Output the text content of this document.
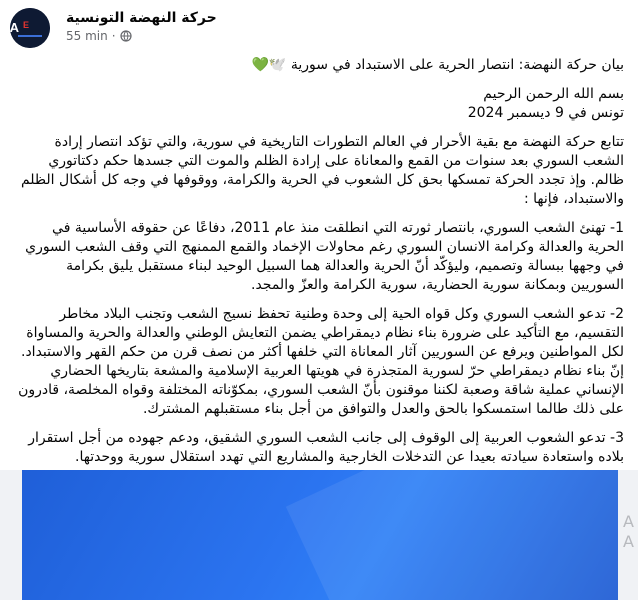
A E	حركة النهضة التونسية
55 min ·

بيان حركة النهضة: انتصار الحرية على الاستبداد في سورية 🕊️💚

بسم الله الرحمن الرحيم

تونس في 9 ديسمبر 2024

تتابع حركة النهضة مع بقية الأحرار في العالم التطورات التاريخية في سورية، والتي تؤكد انتصار إرادة الشعب السوري بعد سنوات من القمع والمعاناة على إرادة الظلم والموت التي جسدها حكم دكتاتوري ظالم. وإذ تجدد الحركة تمسكها بحق كل الشعوب في الحرية والكرامة، ووقوفها في وجه كل أشكال الظلم والاستبداد، فإنها :

1- تهنئ الشعب السوري، بانتصار ثورته التي انطلقت منذ عام 2011، دفاعًا عن حقوقه الأساسية في الحرية والعدالة وكرامة الانسان السوري رغم محاولات الإخماد والقمع الممنهج التي وقف الشعب السوري في وجهها ببسالة وتصميم، وليؤكّد أنّ الحرية والعدالة هما السبيل الوحيد لبناء مستقبل يليق بكرامة السوريين وبمكانة سورية الحضارية، سورية الكرامة والعزّ والمجد.

2- تدعو الشعب السوري وكل قواه الحية إلى وحدة وطنية تحفظ نسيج الشعب وتجنب البلاد مخاطر التقسيم، مع التأكيد على ضرورة بناء نظام ديمقراطي يضمن التعايش الوطني والعدالة والحرية والمساواة لكل المواطنين ويرفع عن السوريين آثار المعاناة التي خلفها أكثر من نصف قرن من حكم القهر والاستبداد. إنّ بناء نظام ديمقراطي حرّ لسورية المتجذرة في هويتها العربية الإسلامية والمشعة بتاريخها الحضاري الإنساني عملية شاقة وصعبة لكننا موقنون بأنّ الشعب السوري، بمكوّناته المختلفة وقواه المخلصة، قادرون على ذلك طالما استمسكوا بالحق والعدل والتوافق من أجل بناء مستقبلهم المشترك.

3- تدعو الشعوب العربية إلى الوقوف إلى جانب الشعب السوري الشقيق، ودعم جهوده من أجل استقرار بلاده واستعادة سيادته بعيدا عن التدخلات الخارجية والمشاريع التي تهدد استقلال سورية ووحدتها.

A
A
